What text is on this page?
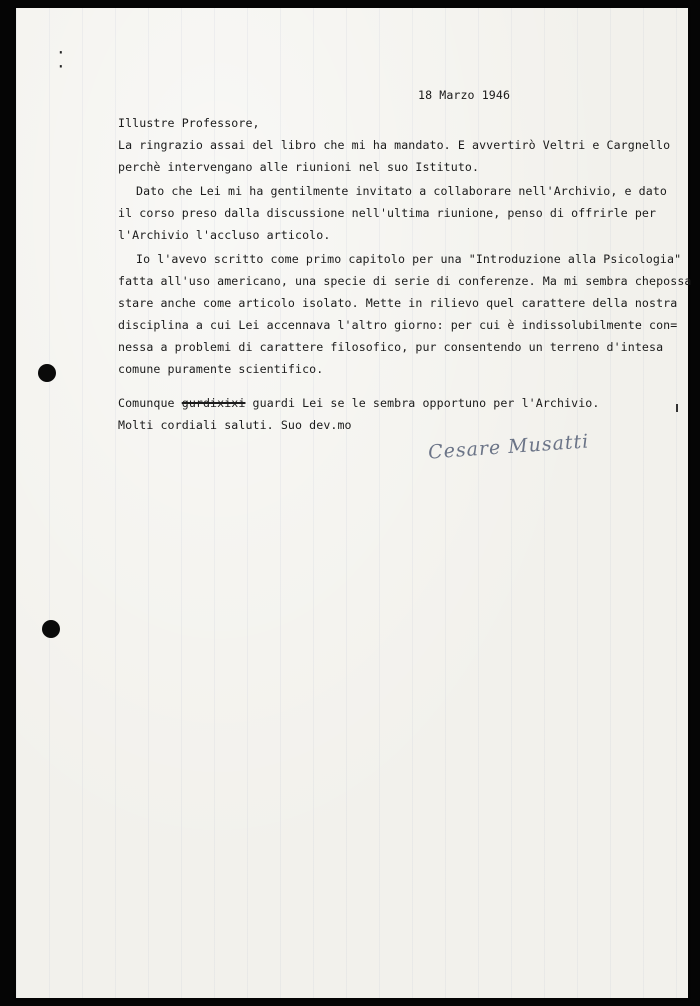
·
·
18 Marzo 1946
Illustre Professore,
La ringrazio assai del libro che mi ha mandato. E avvertirò Veltri e Cargnello
perchè intervengano alle riunioni nel suo Istituto.
Dato che Lei mi ha gentilmente invitato a collaborare nell'Archivio, e dato
il corso preso dalla discussione nell'ultima riunione, penso di offrirle per
l'Archivio l'accluso articolo.
Io l'avevo scritto come primo capitolo per una "Introduzione alla Psicologia"
fatta all'uso americano, una specie di serie di conferenze. Ma mi sembra chepossa
stare anche come articolo isolato. Mette in rilievo quel carattere della nostra
disciplina a cui Lei accennava l'altro giorno: per cui è indissolubilmente con=
nessa a problemi di carattere filosofico, pur consentendo un terreno d'intesa
comune puramente scientifico.
Comunque gurdixixi guardi Lei se le sembra opportuno per l'Archivio.
Molti cordiali saluti. Suo dev.mo
Cesare Musatti
